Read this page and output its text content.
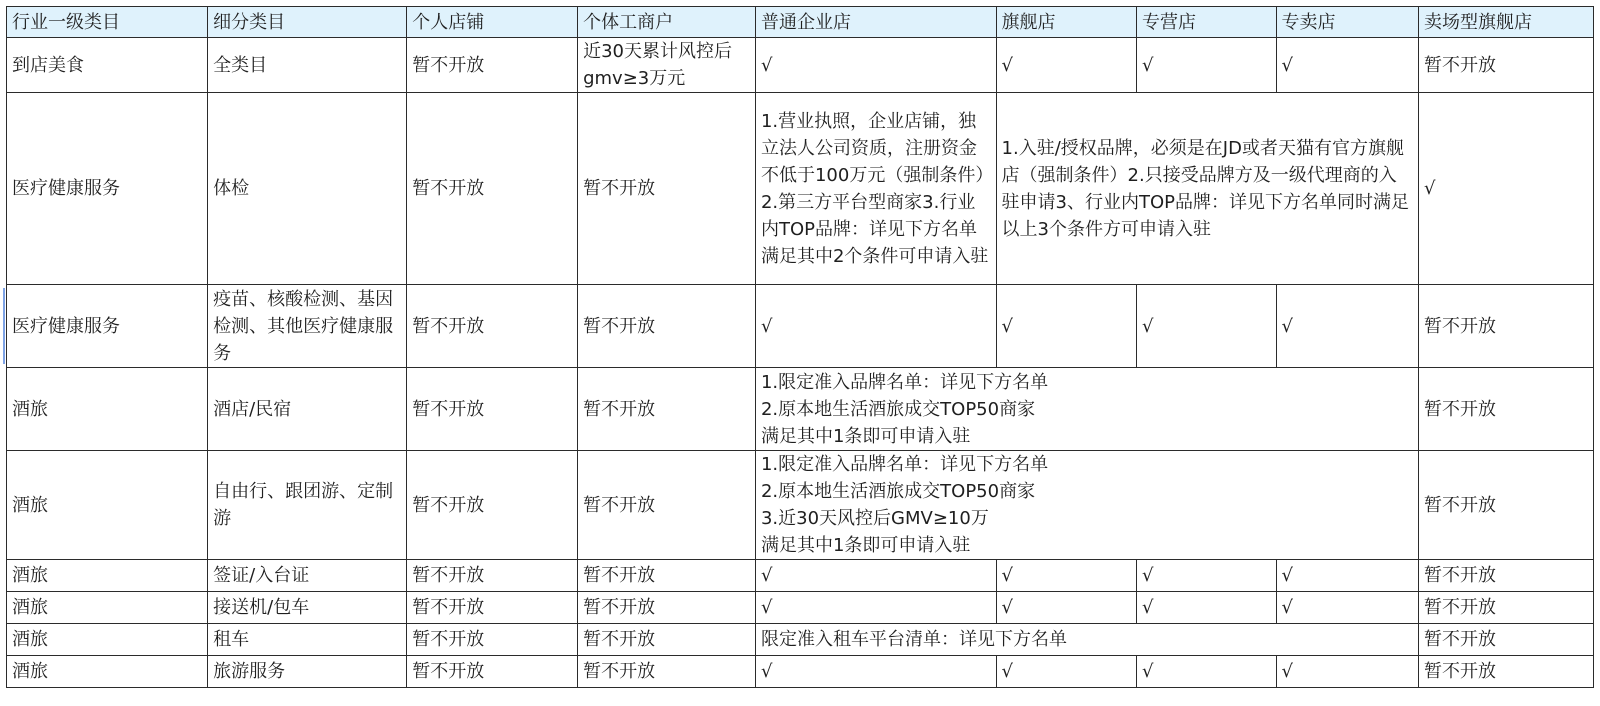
行业一级类目	细分类目	个人店铺	个体工商户	普通企业店	旗舰店	专营店	专卖店	卖场型旗舰店
到店美食	全类目	暂不开放	近30天累计风控后gmv≥3万元	√	√	√	√	暂不开放
医疗健康服务	体检	暂不开放	暂不开放	1.营业执照，企业店铺，独立法人公司资质，注册资金不低于100万元（强制条件）2.第三方平台型商家3.行业内TOP品牌：详见下方名单满足其中2个条件可申请入驻	1.入驻/授权品牌，必须是在JD或者天猫有官方旗舰店（强制条件）2.只接受品牌方及一级代理商的入驻申请3、行业内TOP品牌：详见下方名单同时满足以上3个条件方可申请入驻			√
医疗健康服务	疫苗、核酸检测、基因检测、其他医疗健康服务	暂不开放	暂不开放	√	√	√	√	暂不开放
酒旅	酒店/民宿	暂不开放	暂不开放	1.限定准入品牌名单：详见下方名单
2.原本地生活酒旅成交TOP50商家
满足其中1条即可申请入驻				暂不开放
酒旅	自由行、跟团游、定制游	暂不开放	暂不开放	1.限定准入品牌名单：详见下方名单
2.原本地生活酒旅成交TOP50商家
3.近30天风控后GMV≥10万
满足其中1条即可申请入驻				暂不开放
酒旅	签证/入台证	暂不开放	暂不开放	√	√	√	√	暂不开放
酒旅	接送机/包车	暂不开放	暂不开放	√	√	√	√	暂不开放
酒旅	租车	暂不开放	暂不开放	限定准入租车平台清单：详见下方名单				暂不开放
酒旅	旅游服务	暂不开放	暂不开放	√	√	√	√	暂不开放
